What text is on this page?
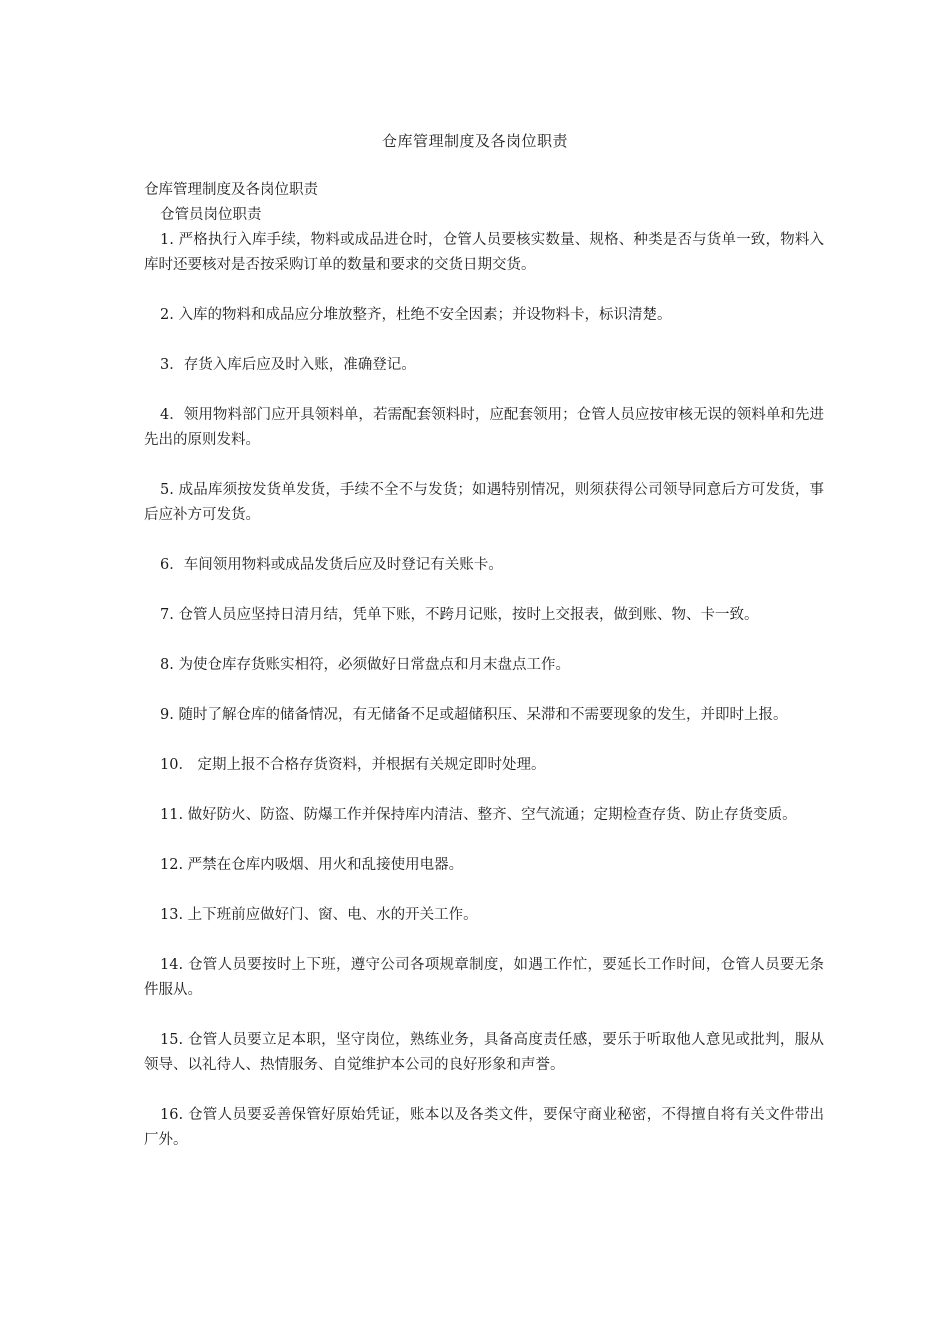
仓库管理制度及各岗位职责

仓库管理制度及各岗位职责

仓管员岗位职责

1. 严格执行入库手续，物料或成品进仓时，仓管人员要核实数量、规格、种类是否与货单一致，物料入库时还要核对是否按采购订单的数量和要求的交货日期交货。

2. 入库的物料和成品应分堆放整齐，杜绝不安全因素；并设物料卡，标识清楚。

3．存货入库后应及时入账，准确登记。

4．领用物料部门应开具领料单，若需配套领料时，应配套领用；仓管人员应按审核无误的领料单和先进先出的原则发料。

5. 成品库须按发货单发货，手续不全不与发货；如遇特别情况，则须获得公司领导同意后方可发货，事后应补方可发货。

6．车间领用物料或成品发货后应及时登记有关账卡。

7. 仓管人员应坚持日清月结，凭单下账，不跨月记账，按时上交报表，做到账、物、卡一致。

8. 为使仓库存货账实相符，必须做好日常盘点和月末盘点工作。

9. 随时了解仓库的储备情况，有无储备不足或超储积压、呆滞和不需要现象的发生，并即时上报。

10． 定期上报不合格存货资料，并根据有关规定即时处理。

11. 做好防火、防盗、防爆工作并保持库内清洁、整齐、空气流通；定期检查存货、防止存货变质。

12. 严禁在仓库内吸烟、用火和乱接使用电器。

13. 上下班前应做好门、窗、电、水的开关工作。

14. 仓管人员要按时上下班，遵守公司各项规章制度，如遇工作忙，要延长工作时间，仓管人员要无条件服从。

15. 仓管人员要立足本职，坚守岗位，熟练业务，具备高度责任感，要乐于听取他人意见或批判，服从领导、以礼待人、热情服务、自觉维护本公司的良好形象和声誉。

16. 仓管人员要妥善保管好原始凭证，账本以及各类文件，要保守商业秘密，不得擅自将有关文件带出厂外。
